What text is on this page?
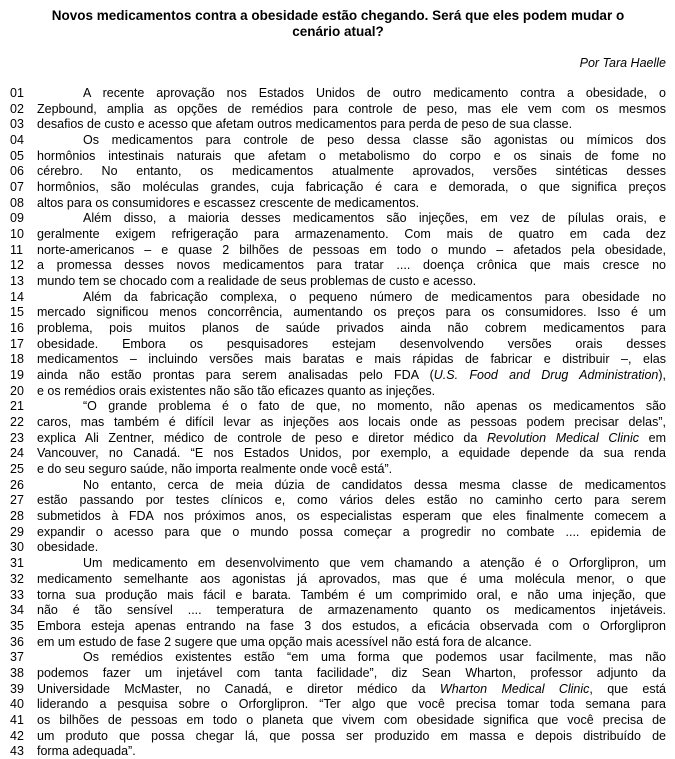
Novos medicamentos contra a obesidade estão chegando. Será que eles podem mudar o cenário atual?
Por Tara Haelle
01	A recente aprovação nos Estados Unidos de outro medicamento contra a obesidade, o
02	Zepbound, amplia as opções de remédios para controle de peso, mas ele vem com os mesmos
03	desafios de custo e acesso que afetam outros medicamentos para perda de peso de sua classe.
04	Os medicamentos para controle de peso dessa classe são agonistas ou mímicos dos
05	hormônios intestinais naturais que afetam o metabolismo do corpo e os sinais de fome no
06	cérebro. No entanto, os medicamentos atualmente aprovados, versões sintéticas desses
07	hormônios, são moléculas grandes, cuja fabricação é cara e demorada, o que significa preços
08	altos para os consumidores e escassez crescente de medicamentos.
09	Além disso, a maioria desses medicamentos são injeções, em vez de pílulas orais, e
10	geralmente exigem refrigeração para armazenamento. Com mais de quatro em cada dez
11	norte-americanos – e quase 2 bilhões de pessoas em todo o mundo – afetados pela obesidade,
12	a promessa desses novos medicamentos para tratar .... doença crônica que mais cresce no
13	mundo tem se chocado com a realidade de seus problemas de custo e acesso.
14	Além da fabricação complexa, o pequeno número de medicamentos para obesidade no
15	mercado significou menos concorrência, aumentando os preços para os consumidores. Isso é um
16	problema, pois muitos planos de saúde privados ainda não cobrem medicamentos para
17	obesidade. Embora os pesquisadores estejam desenvolvendo versões orais desses
18	medicamentos – incluindo versões mais baratas e mais rápidas de fabricar e distribuir –, elas
19	ainda não estão prontas para serem analisadas pelo FDA (U.S. Food and Drug Administration),
20	e os remédios orais existentes não são tão eficazes quanto as injeções.
21	“O grande problema é o fato de que, no momento, não apenas os medicamentos são
22	caros, mas também é difícil levar as injeções aos locais onde as pessoas podem precisar delas”,
23	explica Ali Zentner, médico de controle de peso e diretor médico da Revolution Medical Clinic em
24	Vancouver, no Canadá. “E nos Estados Unidos, por exemplo, a equidade depende da sua renda
25	e do seu seguro saúde, não importa realmente onde você está”.
26	No entanto, cerca de meia dúzia de candidatos dessa mesma classe de medicamentos
27	estão passando por testes clínicos e, como vários deles estão no caminho certo para serem
28	submetidos à FDA nos próximos anos, os especialistas esperam que eles finalmente comecem a
29	expandir o acesso para que o mundo possa começar a progredir no combate .... epidemia de
30	obesidade.
31	Um medicamento em desenvolvimento que vem chamando a atenção é o Orforglipron, um
32	medicamento semelhante aos agonistas já aprovados, mas que é uma molécula menor, o que
33	torna sua produção mais fácil e barata. Também é um comprimido oral, e não uma injeção, que
34	não é tão sensível .... temperatura de armazenamento quanto os medicamentos injetáveis.
35	Embora esteja apenas entrando na fase 3 dos estudos, a eficácia observada com o Orforglipron
36	em um estudo de fase 2 sugere que uma opção mais acessível não está fora de alcance.
37	Os remédios existentes estão “em uma forma que podemos usar facilmente, mas não
38	podemos fazer um injetável com tanta facilidade”, diz Sean Wharton, professor adjunto da
39	Universidade McMaster, no Canadá, e diretor médico da Wharton Medical Clinic, que está
40	liderando a pesquisa sobre o Orforglipron. “Ter algo que você precisa tomar toda semana para
41	os bilhões de pessoas em todo o planeta que vivem com obesidade significa que você precisa de
42	um produto que possa chegar lá, que possa ser produzido em massa e depois distribuído de
43	forma adequada”.
